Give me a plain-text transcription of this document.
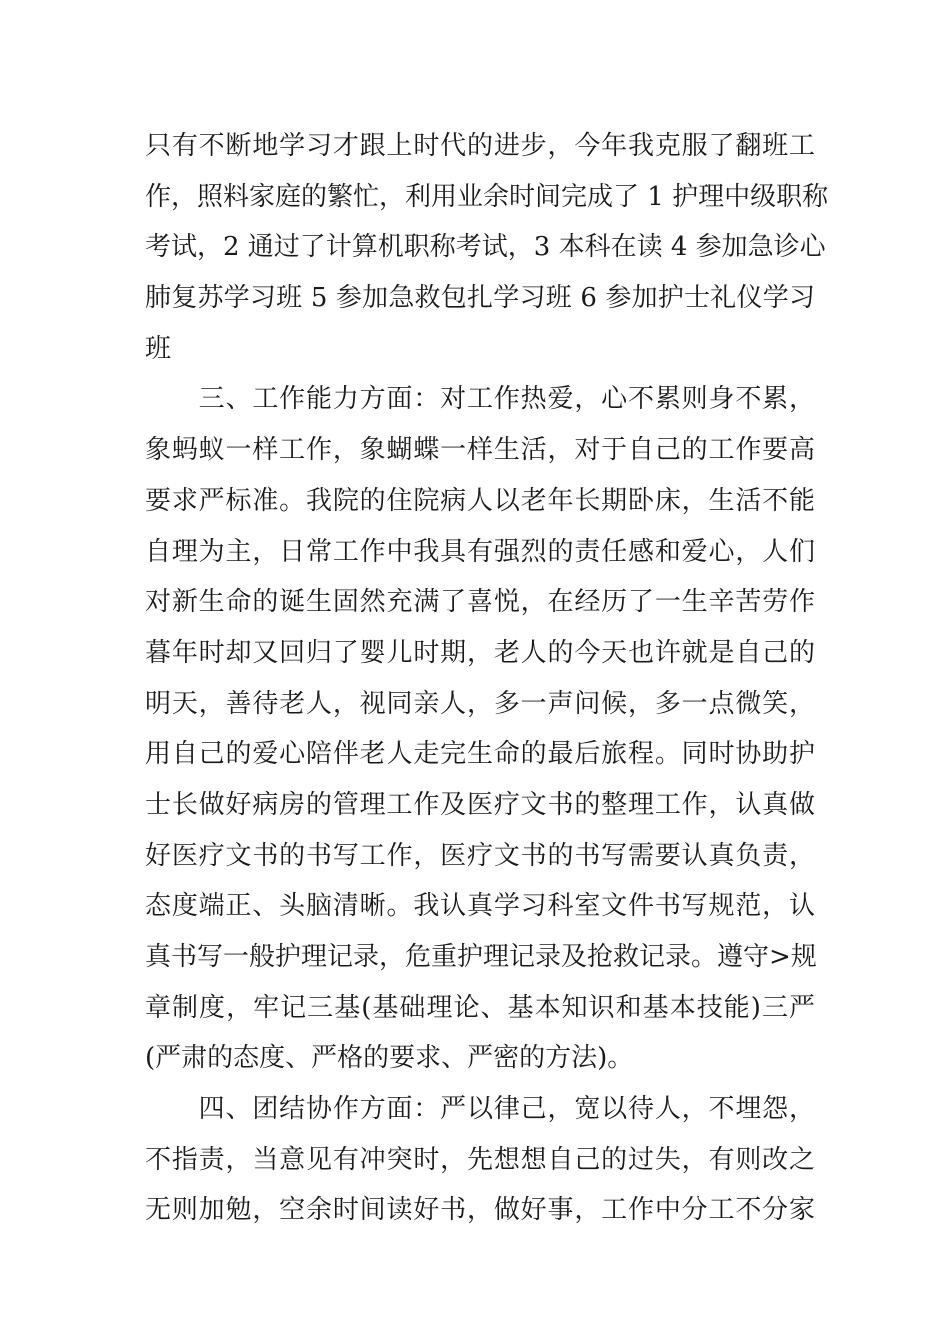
只有不断地学习才跟上时代的进步，今年我克服了翻班工
作，照料家庭的繁忙，利用业余时间完成了 1 护理中级职称
考试，2 通过了计算机职称考试，3 本科在读 4 参加急诊心
肺复苏学习班 5 参加急救包扎学习班 6 参加护士礼仪学习
班
　　三、工作能力方面：对工作热爱，心不累则身不累，
象蚂蚁一样工作，象蝴蝶一样生活，对于自己的工作要高
要求严标准。我院的住院病人以老年长期卧床，生活不能
自理为主，日常工作中我具有强烈的责任感和爱心，人们
对新生命的诞生固然充满了喜悦，在经历了一生辛苦劳作
暮年时却又回归了婴儿时期，老人的今天也许就是自己的
明天，善待老人，视同亲人，多一声问候，多一点微笑，
用自己的爱心陪伴老人走完生命的最后旅程。同时协助护
士长做好病房的管理工作及医疗文书的整理工作，认真做
好医疗文书的书写工作，医疗文书的书写需要认真负责，
态度端正、头脑清晰。我认真学习科室文件书写规范，认
真书写一般护理记录，危重护理记录及抢救记录。遵守>规
章制度，牢记三基(基础理论、基本知识和基本技能)三严
(严肃的态度、严格的要求、严密的方法)。
　　四、团结协作方面：严以律己，宽以待人，不埋怨，
不指责，当意见有冲突时，先想想自己的过失，有则改之
无则加勉，空余时间读好书，做好事，工作中分工不分家
